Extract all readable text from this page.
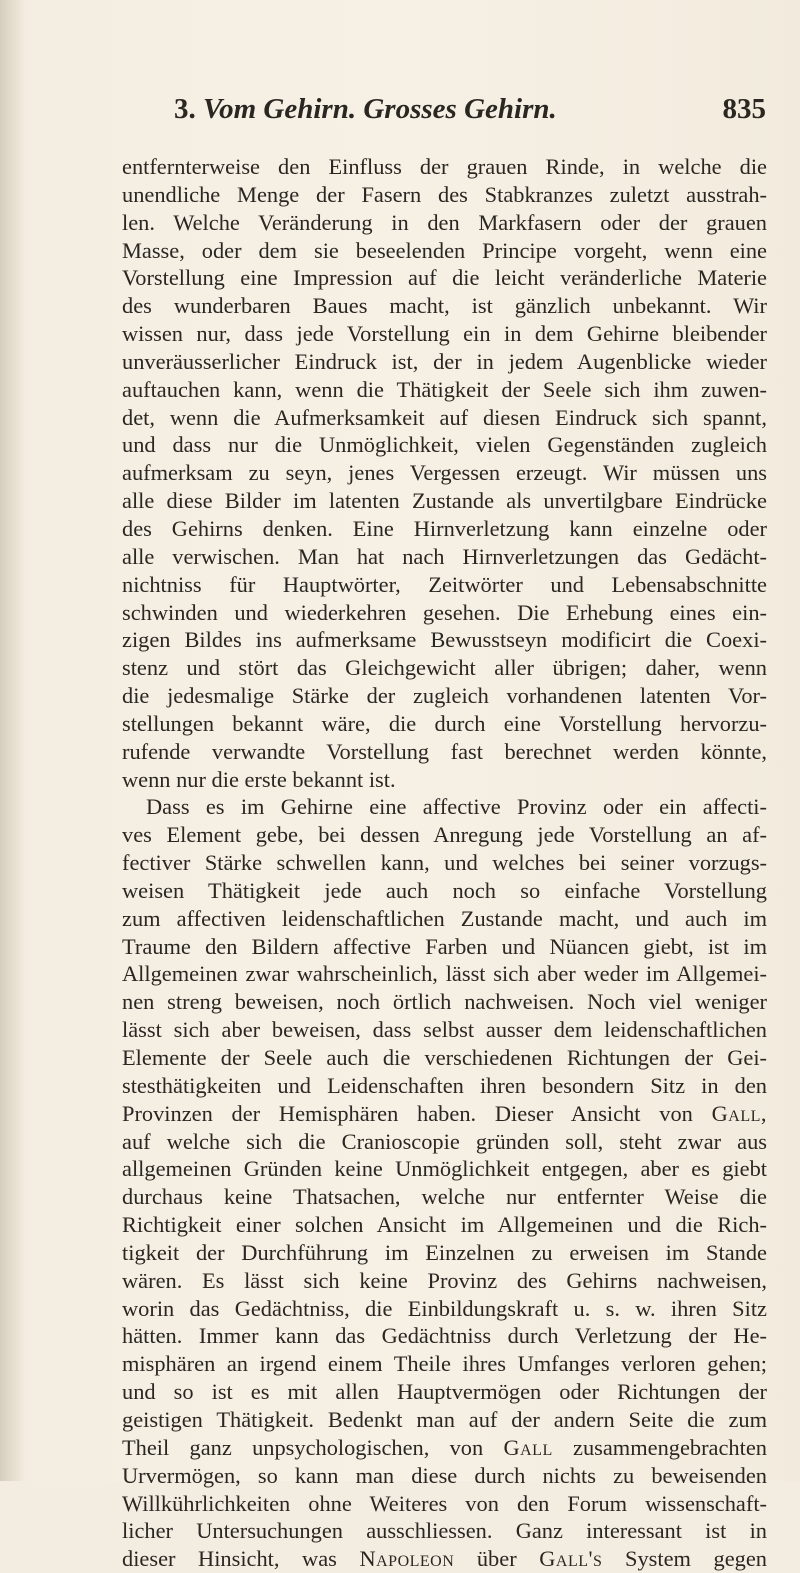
3. Vom Gehirn. Grosses Gehirn.	835
entfernterweise den Einfluss der grauen Rinde, in welche die
unendliche Menge der Fasern des Stabkranzes zuletzt ausstrah-
len. Welche Veränderung in den Markfasern oder der grauen
Masse, oder dem sie beseelenden Principe vorgeht, wenn eine
Vorstellung eine Impression auf die leicht veränderliche Materie
des wunderbaren Baues macht, ist gänzlich unbekannt. Wir
wissen nur, dass jede Vorstellung ein in dem Gehirne bleibender
unveräusserlicher Eindruck ist, der in jedem Augenblicke wieder
auftauchen kann, wenn die Thätigkeit der Seele sich ihm zuwen-
det, wenn die Aufmerksamkeit auf diesen Eindruck sich spannt,
und dass nur die Unmöglichkeit, vielen Gegenständen zugleich
aufmerksam zu seyn, jenes Vergessen erzeugt. Wir müssen uns
alle diese Bilder im latenten Zustande als unvertilgbare Eindrücke
des Gehirns denken. Eine Hirnverletzung kann einzelne oder
alle verwischen. Man hat nach Hirnverletzungen das Gedächt-
nichtniss für Hauptwörter, Zeitwörter und Lebensabschnitte
schwinden und wiederkehren gesehen. Die Erhebung eines ein-
zigen Bildes ins aufmerksame Bewusstseyn modificirt die Coexi-
stenz und stört das Gleichgewicht aller übrigen; daher, wenn
die jedesmalige Stärke der zugleich vorhandenen latenten Vor-
stellungen bekannt wäre, die durch eine Vorstellung hervorzu-
rufende verwandte Vorstellung fast berechnet werden könnte,
wenn nur die erste bekannt ist.
Dass es im Gehirne eine affective Provinz oder ein affecti-
ves Element gebe, bei dessen Anregung jede Vorstellung an af-
fectiver Stärke schwellen kann, und welches bei seiner vorzugs-
weisen Thätigkeit jede auch noch so einfache Vorstellung
zum affectiven leidenschaftlichen Zustande macht, und auch im
Traume den Bildern affective Farben und Nüancen giebt, ist im
Allgemeinen zwar wahrscheinlich, lässt sich aber weder im Allgemei-
nen streng beweisen, noch örtlich nachweisen. Noch viel weniger
lässt sich aber beweisen, dass selbst ausser dem leidenschaftlichen
Elemente der Seele auch die verschiedenen Richtungen der Gei-
stesthätigkeiten und Leidenschaften ihren besondern Sitz in den
Provinzen der Hemisphären haben. Dieser Ansicht von Gall,
auf welche sich die Cranioscopie gründen soll, steht zwar aus
allgemeinen Gründen keine Unmöglichkeit entgegen, aber es giebt
durchaus keine Thatsachen, welche nur entfernter Weise die
Richtigkeit einer solchen Ansicht im Allgemeinen und die Rich-
tigkeit der Durchführung im Einzelnen zu erweisen im Stande
wären. Es lässt sich keine Provinz des Gehirns nachweisen,
worin das Gedächtniss, die Einbildungskraft u. s. w. ihren Sitz
hätten. Immer kann das Gedächtniss durch Verletzung der He-
misphären an irgend einem Theile ihres Umfanges verloren gehen;
und so ist es mit allen Hauptvermögen oder Richtungen der
geistigen Thätigkeit. Bedenkt man auf der andern Seite die zum
Theil ganz unpsychologischen, von Gall zusammengebrachten
Urvermögen, so kann man diese durch nichts zu beweisenden
Willkührlichkeiten ohne Weiteres von den Forum wissenschaft-
licher Untersuchungen ausschliessen. Ganz interessant ist in
dieser Hinsicht, was Napoleon über Gall's System gegen
